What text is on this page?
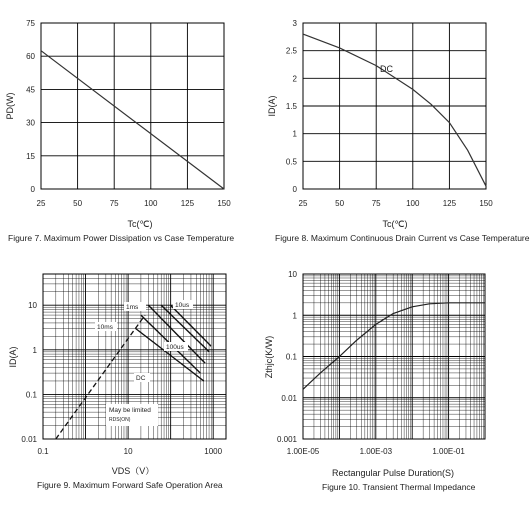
25	50	75	100	125	150
0
15
30
45
60
75
PD(W)
Tc(℃)
Figure 7. Maximum Power Dissipation vs Case Temperature
25	50	75	100	125	150
0
0.5
1
1.5
2
2.5
3
ID(A)
Tc(℃)
Figure 8. Maximum Continuous Drain Current vs Case Temperature
DC
0.1	10	1000
0.01
0.1
1
10
ID(A)
VDS（V）
Figure 9. Maximum Forward Safe Operation Area
1ms	10us
10ms
100us
DC
May be limited
RDS(ON)
1.00E-05	1.00E-03	1.00E-01
0.001
0.01
0.1
1
10
Zthjc(K/W)
Rectangular Pulse Duration(S)
Figure 10. Transient Thermal Impedance
